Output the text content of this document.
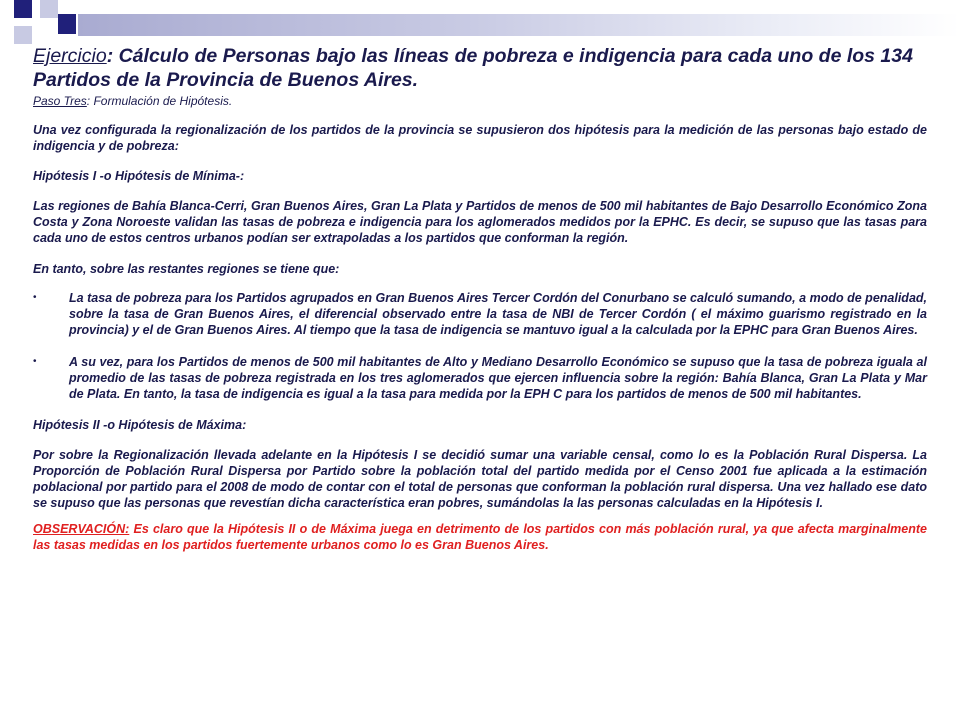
Ejercicio: Cálculo de Personas bajo las líneas de pobreza e indigencia para cada uno de los 134 Partidos de la Provincia de Buenos Aires.

Paso Tres: Formulación de Hipótesis.

Una vez configurada la regionalización de los partidos de la provincia se supusieron dos hipótesis para la medición de las personas bajo estado de indigencia y de pobreza:

Hipótesis I -o Hipótesis de Mínima-:

Las regiones de Bahía Blanca-Cerri, Gran Buenos Aires, Gran La Plata y Partidos de menos de 500 mil habitantes de Bajo Desarrollo Económico Zona Costa y Zona Noroeste validan las tasas de pobreza e indigencia para los aglomerados medidos por la EPHC. Es decir, se supuso que las tasas para cada uno de estos centros urbanos podían ser extrapoladas a los partidos que conforman la región.

En tanto, sobre las restantes regiones se tiene que:

•	La tasa de pobreza para los Partidos agrupados en Gran Buenos Aires Tercer Cordón del Conurbano se calculó sumando, a modo de penalidad, sobre la tasa de Gran Buenos Aires, el diferencial observado entre la tasa de NBI de Tercer Cordón ( el máximo guarismo registrado en la provincia) y el de Gran Buenos Aires. Al tiempo que la tasa de indigencia se mantuvo igual a la calculada por la EPHC para Gran Buenos Aires.
•	A su vez, para los Partidos de menos de 500 mil habitantes de Alto y Mediano Desarrollo Económico se supuso que la tasa de pobreza iguala al promedio de las tasas de pobreza registrada en los tres aglomerados que ejercen influencia sobre la región: Bahía Blanca, Gran La Plata y Mar de Plata. En tanto, la tasa de indigencia es igual a la tasa para medida por la EPH C para los partidos de menos de 500 mil habitantes.

Hipótesis II -o Hipótesis de Máxima:

Por sobre la Regionalización llevada adelante en la Hipótesis I se decidió sumar una variable censal, como lo es la Población Rural Dispersa. La Proporción de Población Rural Dispersa por Partido sobre la población total del partido medida por el Censo 2001 fue aplicada a la estimación poblacional por partido para el 2008 de modo de contar con el total de personas que conforman la población rural dispersa. Una vez hallado ese dato se supuso que las personas que revestían dicha característica eran pobres, sumándolas la las personas calculadas en la Hipótesis I.

OBSERVACIÓN: Es claro que la Hipótesis II o de Máxima juega en detrimento de los partidos con más población rural, ya que afecta marginalmente las tasas medidas en los partidos fuertemente urbanos como lo es Gran Buenos Aires.
